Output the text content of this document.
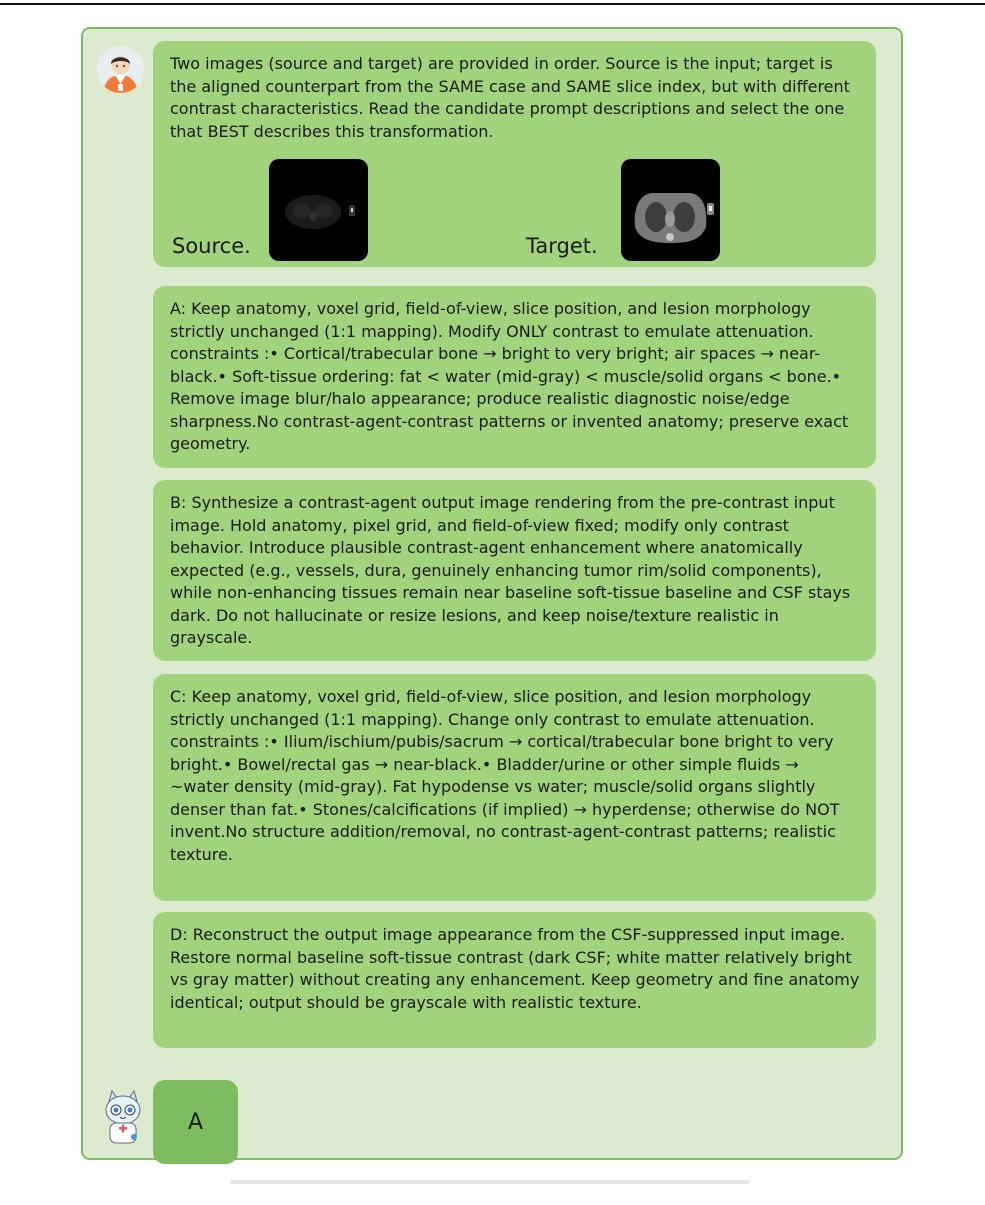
Two images (source and target) are provided in order. Source is the input; target is the aligned counterpart from the SAME case and SAME slice index, but with different contrast characteristics. Read the candidate prompt descriptions and select the one that BEST describes this transformation.

Source.	Target.

A: Keep anatomy, voxel grid, field-of-view, slice position, and lesion morphology strictly unchanged (1:1 mapping). Modify ONLY contrast to emulate attenuation. constraints :• Cortical/trabecular bone → bright to very bright; air spaces → near-black.• Soft-tissue ordering: fat < water (mid-gray) < muscle/solid organs < bone.• Remove image blur/halo appearance; produce realistic diagnostic noise/edge sharpness.No contrast-agent-contrast patterns or invented anatomy; preserve exact geometry.

B: Synthesize a contrast-agent output image rendering from the pre-contrast input image. Hold anatomy, pixel grid, and field-of-view fixed; modify only contrast behavior. Introduce plausible contrast-agent enhancement where anatomically expected (e.g., vessels, dura, genuinely enhancing tumor rim/solid components), while non-enhancing tissues remain near baseline soft-tissue baseline and CSF stays dark. Do not hallucinate or resize lesions, and keep noise/texture realistic in grayscale.

C: Keep anatomy, voxel grid, field-of-view, slice position, and lesion morphology strictly unchanged (1:1 mapping). Change only contrast to emulate attenuation. constraints :• Ilium/ischium/pubis/sacrum → cortical/trabecular bone bright to very bright.• Bowel/rectal gas → near-black.• Bladder/urine or other simple fluids → ~water density (mid-gray). Fat hypodense vs water; muscle/solid organs slightly denser than fat.• Stones/calcifications (if implied) → hyperdense; otherwise do NOT invent.No structure addition/removal, no contrast-agent-contrast patterns; realistic texture.

D: Reconstruct the output image appearance from the CSF-suppressed input image. Restore normal baseline soft-tissue contrast (dark CSF; white matter relatively bright vs gray matter) without creating any enhancement. Keep geometry and fine anatomy identical; output should be grayscale with realistic texture.

A
